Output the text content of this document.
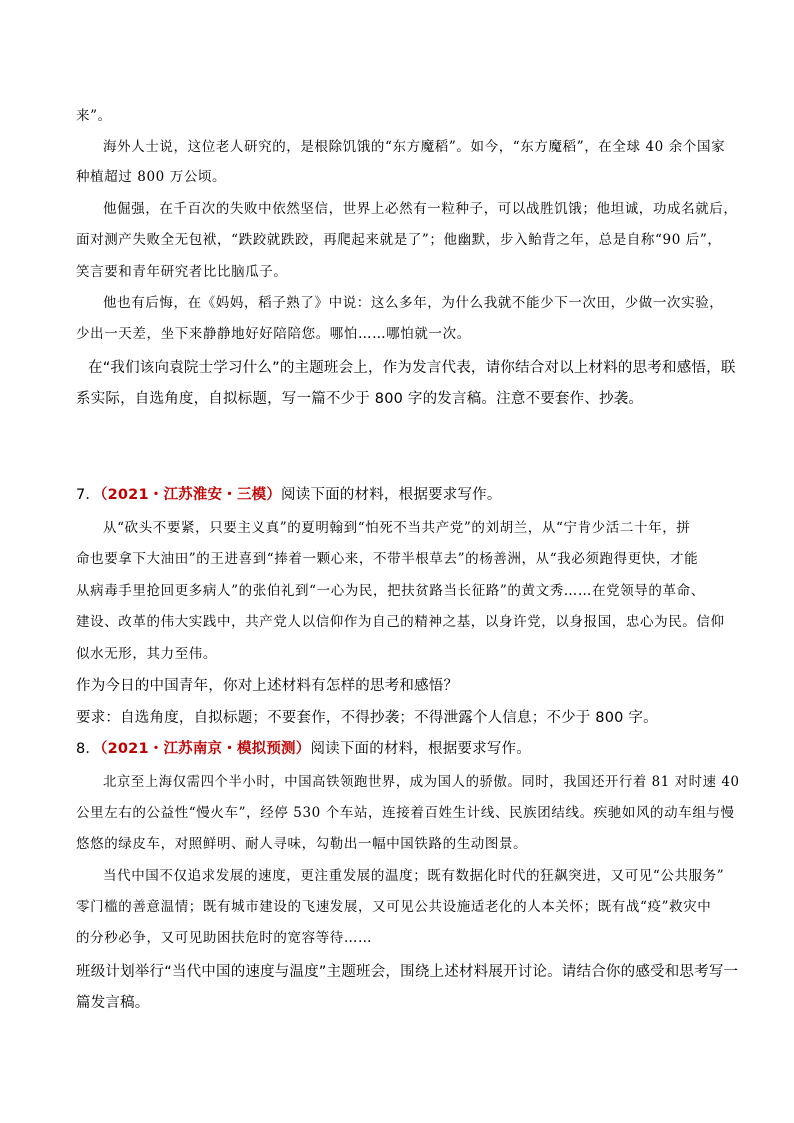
来”。

海外人士说，这位老人研究的，是根除饥饿的“东方魔稻”。如今，“东方魔稻”，在全球 40 余个国家

种植超过 800 万公顷。

他倔强，在千百次的失败中依然坚信，世界上必然有一粒种子，可以战胜饥饿；他坦诚，功成名就后，

面对测产失败全无包袱，“跌跤就跌跤，再爬起来就是了”；他幽默，步入鲐背之年，总是自称“90 后”，

笑言要和青年研究者比比脑瓜子。

他也有后悔，在《妈妈，稻子熟了》中说：这么多年，为什么我就不能少下一次田，少做一次实验，

少出一天差，坐下来静静地好好陪陪您。哪怕……哪怕就一次。

在“我们该向袁院士学习什么”的主题班会上，作为发言代表，请你结合对以上材料的思考和感悟，联

系实际，自选角度，自拟标题，写一篇不少于 800 字的发言稿。注意不要套作、抄袭。

7．（2021・江苏淮安・三模）阅读下面的材料，根据要求写作。

从“砍头不要紧，只要主义真”的夏明翰到“怕死不当共产党”的刘胡兰，从“宁肯少活二十年，拼

命也要拿下大油田”的王进喜到“捧着一颗心来，不带半根草去”的杨善洲，从“我必须跑得更快，才能

从病毒手里抢回更多病人”的张伯礼到“一心为民，把扶贫路当长征路”的黄文秀……在党领导的革命、

建设、改革的伟大实践中，共产党人以信仰作为自己的精神之基，以身许党，以身报国，忠心为民。信仰

似水无形，其力至伟。

作为今日的中国青年，你对上述材料有怎样的思考和感悟？

要求：自选角度，自拟标题；不要套作，不得抄袭；不得泄露个人信息；不少于 800 字。

8．（2021・江苏南京・模拟预测）阅读下面的材料，根据要求写作。

北京至上海仅需四个半小时，中国高铁领跑世界，成为国人的骄傲。同时，我国还开行着 81 对时速 40

公里左右的公益性“慢火车”，经停 530 个车站，连接着百姓生计线、民族团结线。疾驰如风的动车组与慢

悠悠的绿皮车，对照鲜明、耐人寻味，勾勒出一幅中国铁路的生动图景。

当代中国不仅追求发展的速度，更注重发展的温度；既有数据化时代的狂飙突进，又可见“公共服务”

零门槛的善意温情；既有城市建设的飞速发展，又可见公共设施适老化的人本关怀；既有战“疫”救灾中

的分秒必争，又可见助困扶危时的宽容等待……

班级计划举行“当代中国的速度与温度”主题班会，围绕上述材料展开讨论。请结合你的感受和思考写一

篇发言稿。
